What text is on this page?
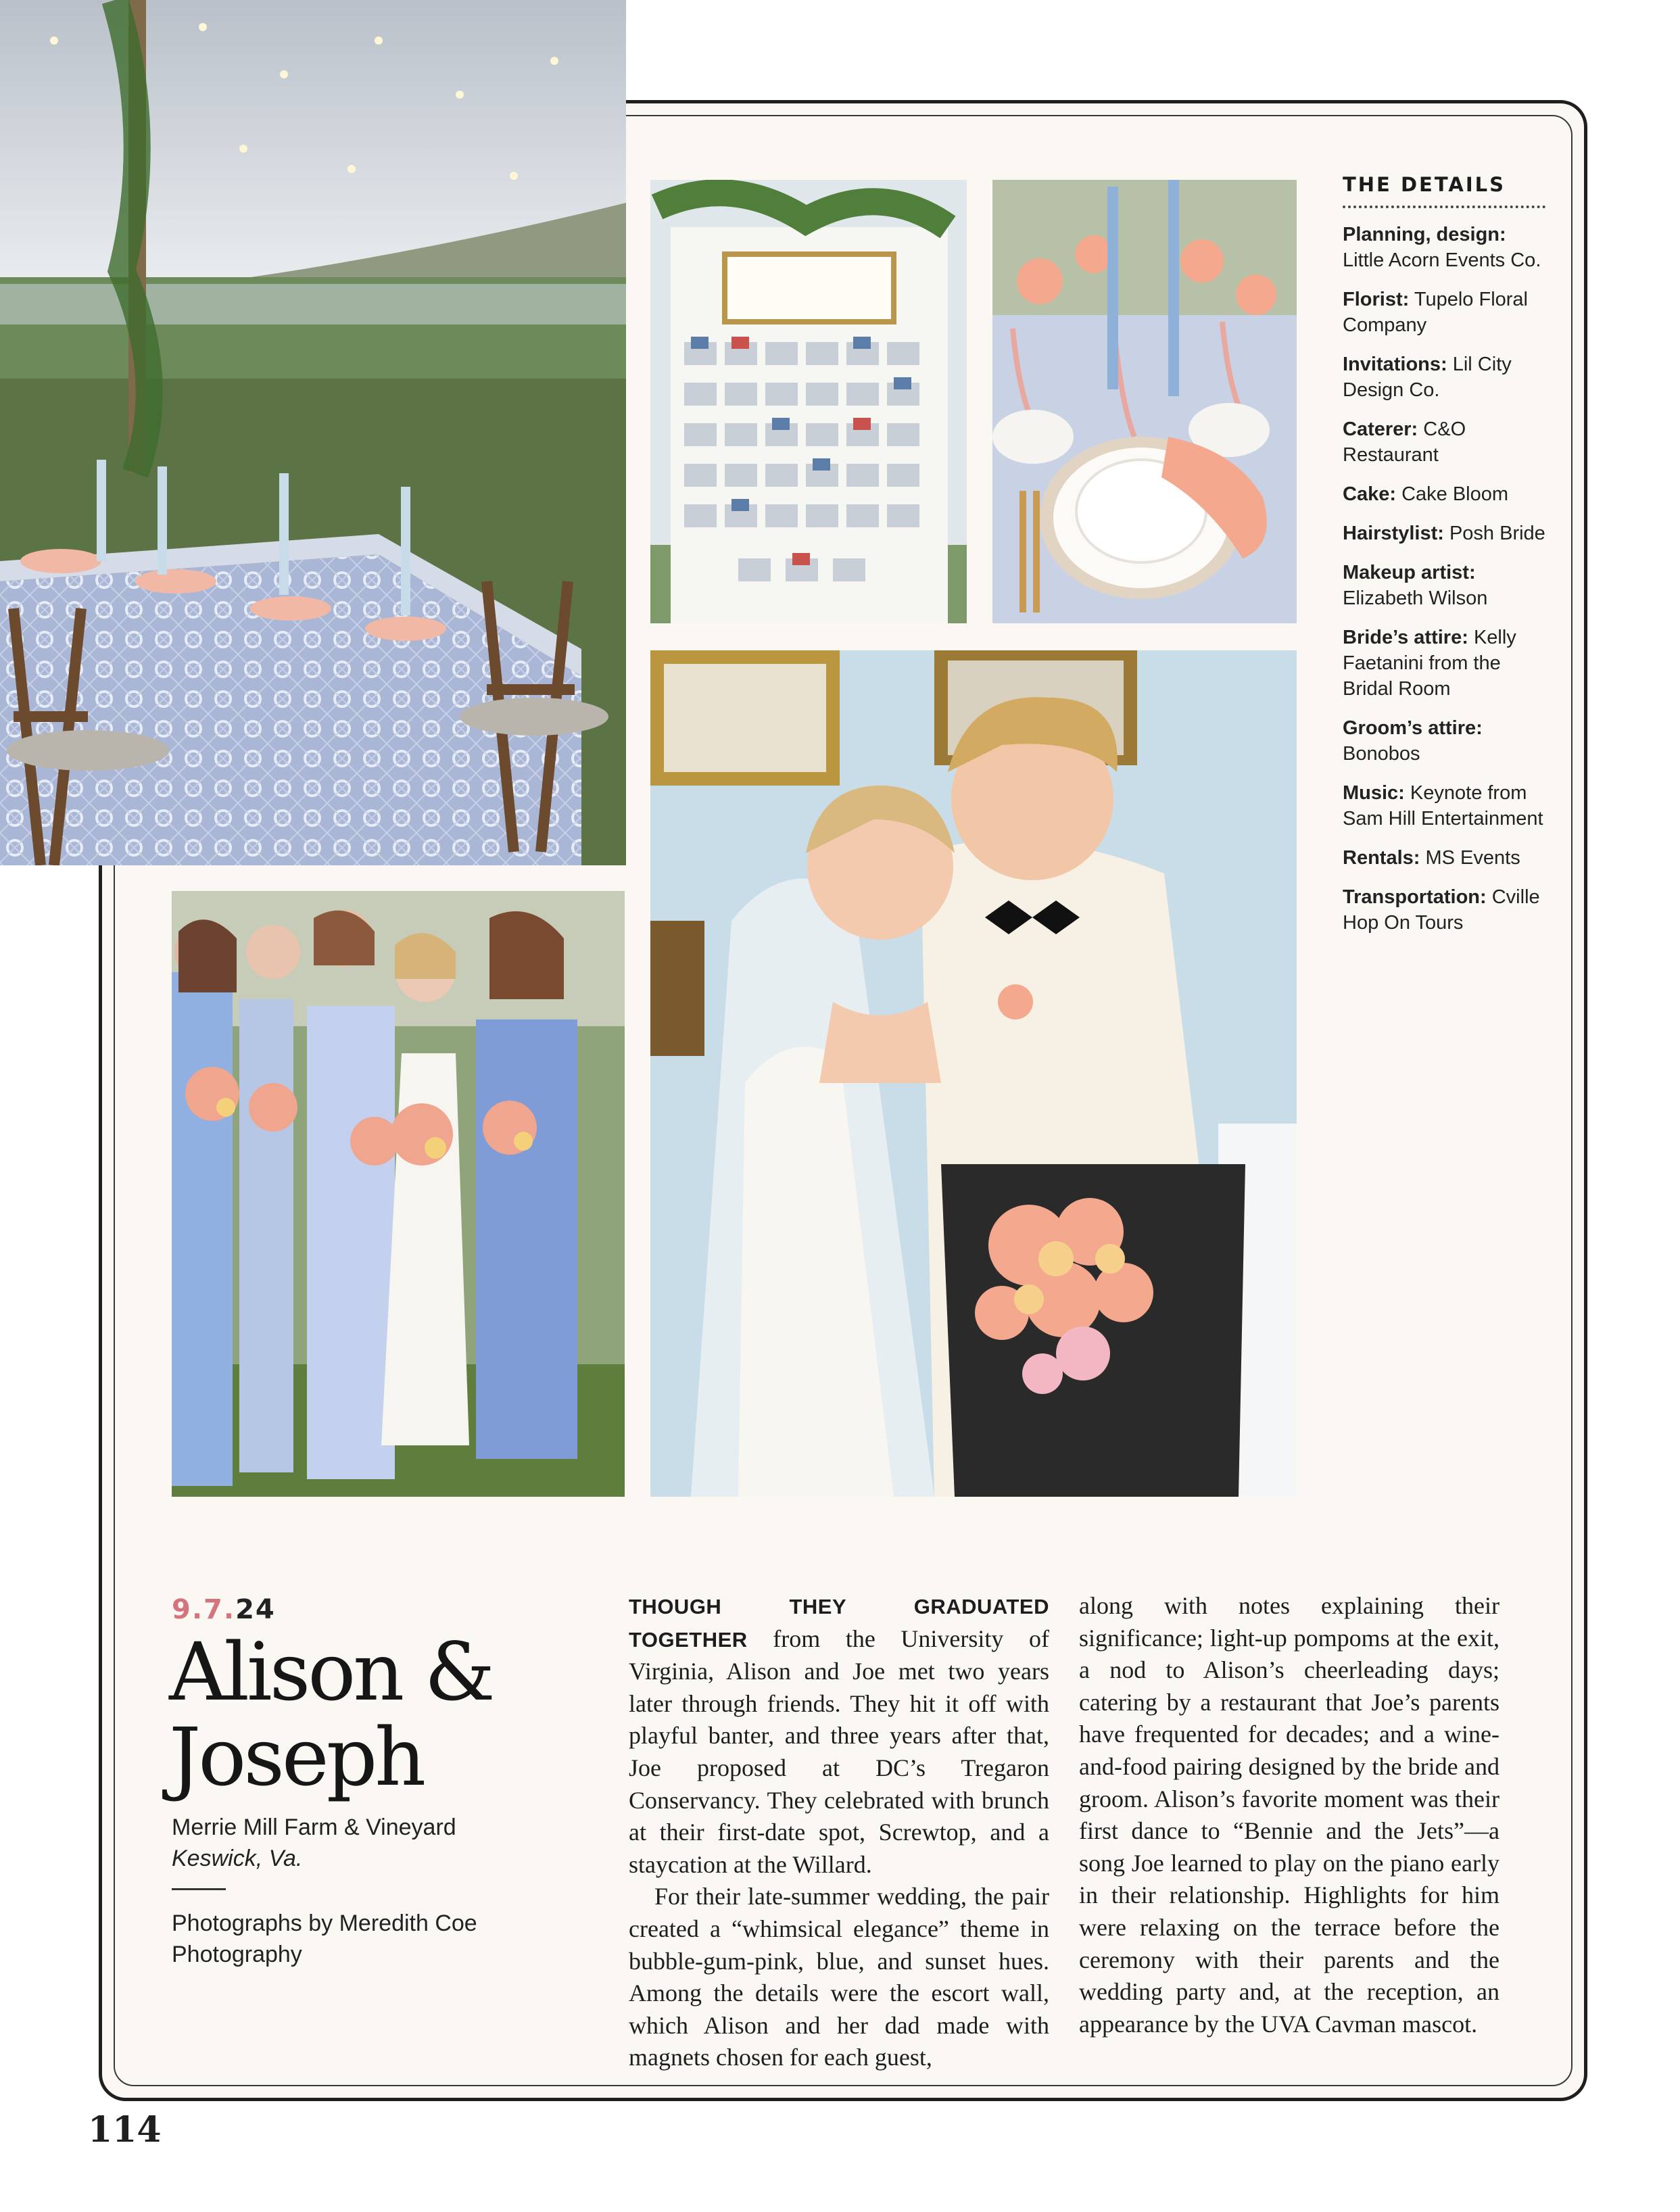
THE DETAILS
Planning, design: Little Acorn Events Co.
Florist: Tupelo Floral Company
Invitations: Lil City Design Co.
Caterer: C&O Restaurant
Cake: Cake Bloom
Hairstylist: Posh Bride
Makeup artist: Elizabeth Wilson
Bride’s attire: Kelly Faetanini from the Bridal Room
Groom’s attire: Bonobos
Music: Keynote from Sam Hill Entertainment
Rentals: MS Events
Transportation: Cville Hop On Tours
9.7.24
Alison &
Joseph
Merrie Mill Farm & Vineyard
Keswick, Va.
Photographs by Meredith Coe Photography

THOUGH THEY GRADUATED TOGETHER from the University of Virginia, Alison and Joe met two years later through friends. They hit it off with playful banter, and three years after that, Joe proposed at DC’s Tregaron Conservancy. They celebrated with brunch at their first-date spot, Screwtop, and a staycation at the Willard.

For their late-summer wedding, the pair created a “whimsical elegance” theme in bubble-gum-pink, blue, and sunset hues. Among the details were the escort wall, which Alison and her dad made with magnets chosen for each guest,

along with notes explaining their significance; light-up pompoms at the exit, a nod to Alison’s cheerleading days; catering by a restaurant that Joe’s parents have frequented for decades; and a wine-and-food pairing designed by the bride and groom. Alison’s favorite moment was their first dance to “Bennie and the Jets”—a song Joe learned to play on the piano early in their relationship. Highlights for him were relaxing on the terrace before the ceremony with their parents and the wedding party and, at the reception, an appearance by the UVA Cavman mascot.

114
